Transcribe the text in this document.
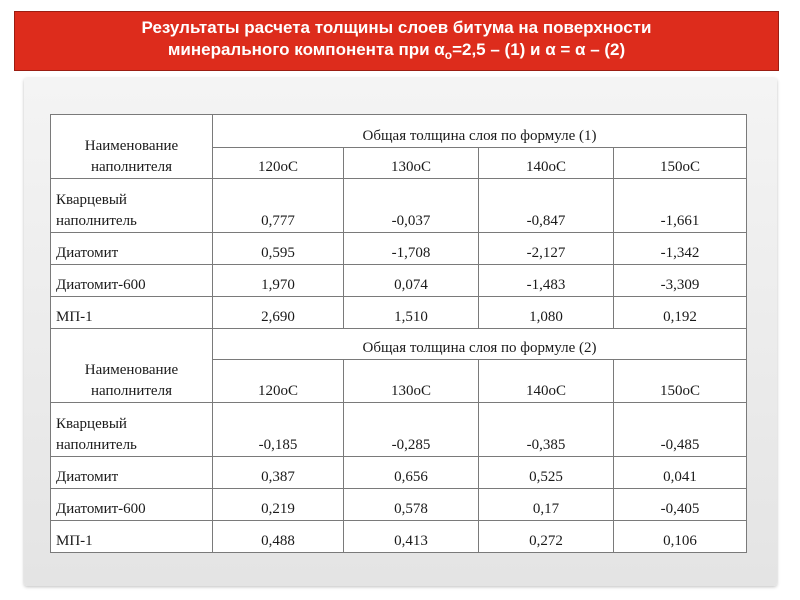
Результаты расчета толщины слоев битума на поверхности
минерального компонента при $\alpha_о=2,5 - (1)$ и α = α – (2)
Наименование наполнителя	Общая толщина слоя по формуле (1)			
	120oC	130oC	140oC	150oC
Кварцевый наполнитель	0,777	-0,037	-0,847	-1,661
Диатомит	0,595	-1,708	-2,127	-1,342
Диатомит-600	1,970	0,074	-1,483	-3,309
МП-1	2,690	1,510	1,080	0,192
Наименование наполнителя	Общая толщина слоя по формуле (2)			
	120oC	130oC	140oC	150oC
Кварцевый наполнитель	-0,185	-0,285	-0,385	-0,485
Диатомит	0,387	0,656	0,525	0,041
Диатомит-600	0,219	0,578	0,17	-0,405
МП-1	0,488	0,413	0,272	0,106
